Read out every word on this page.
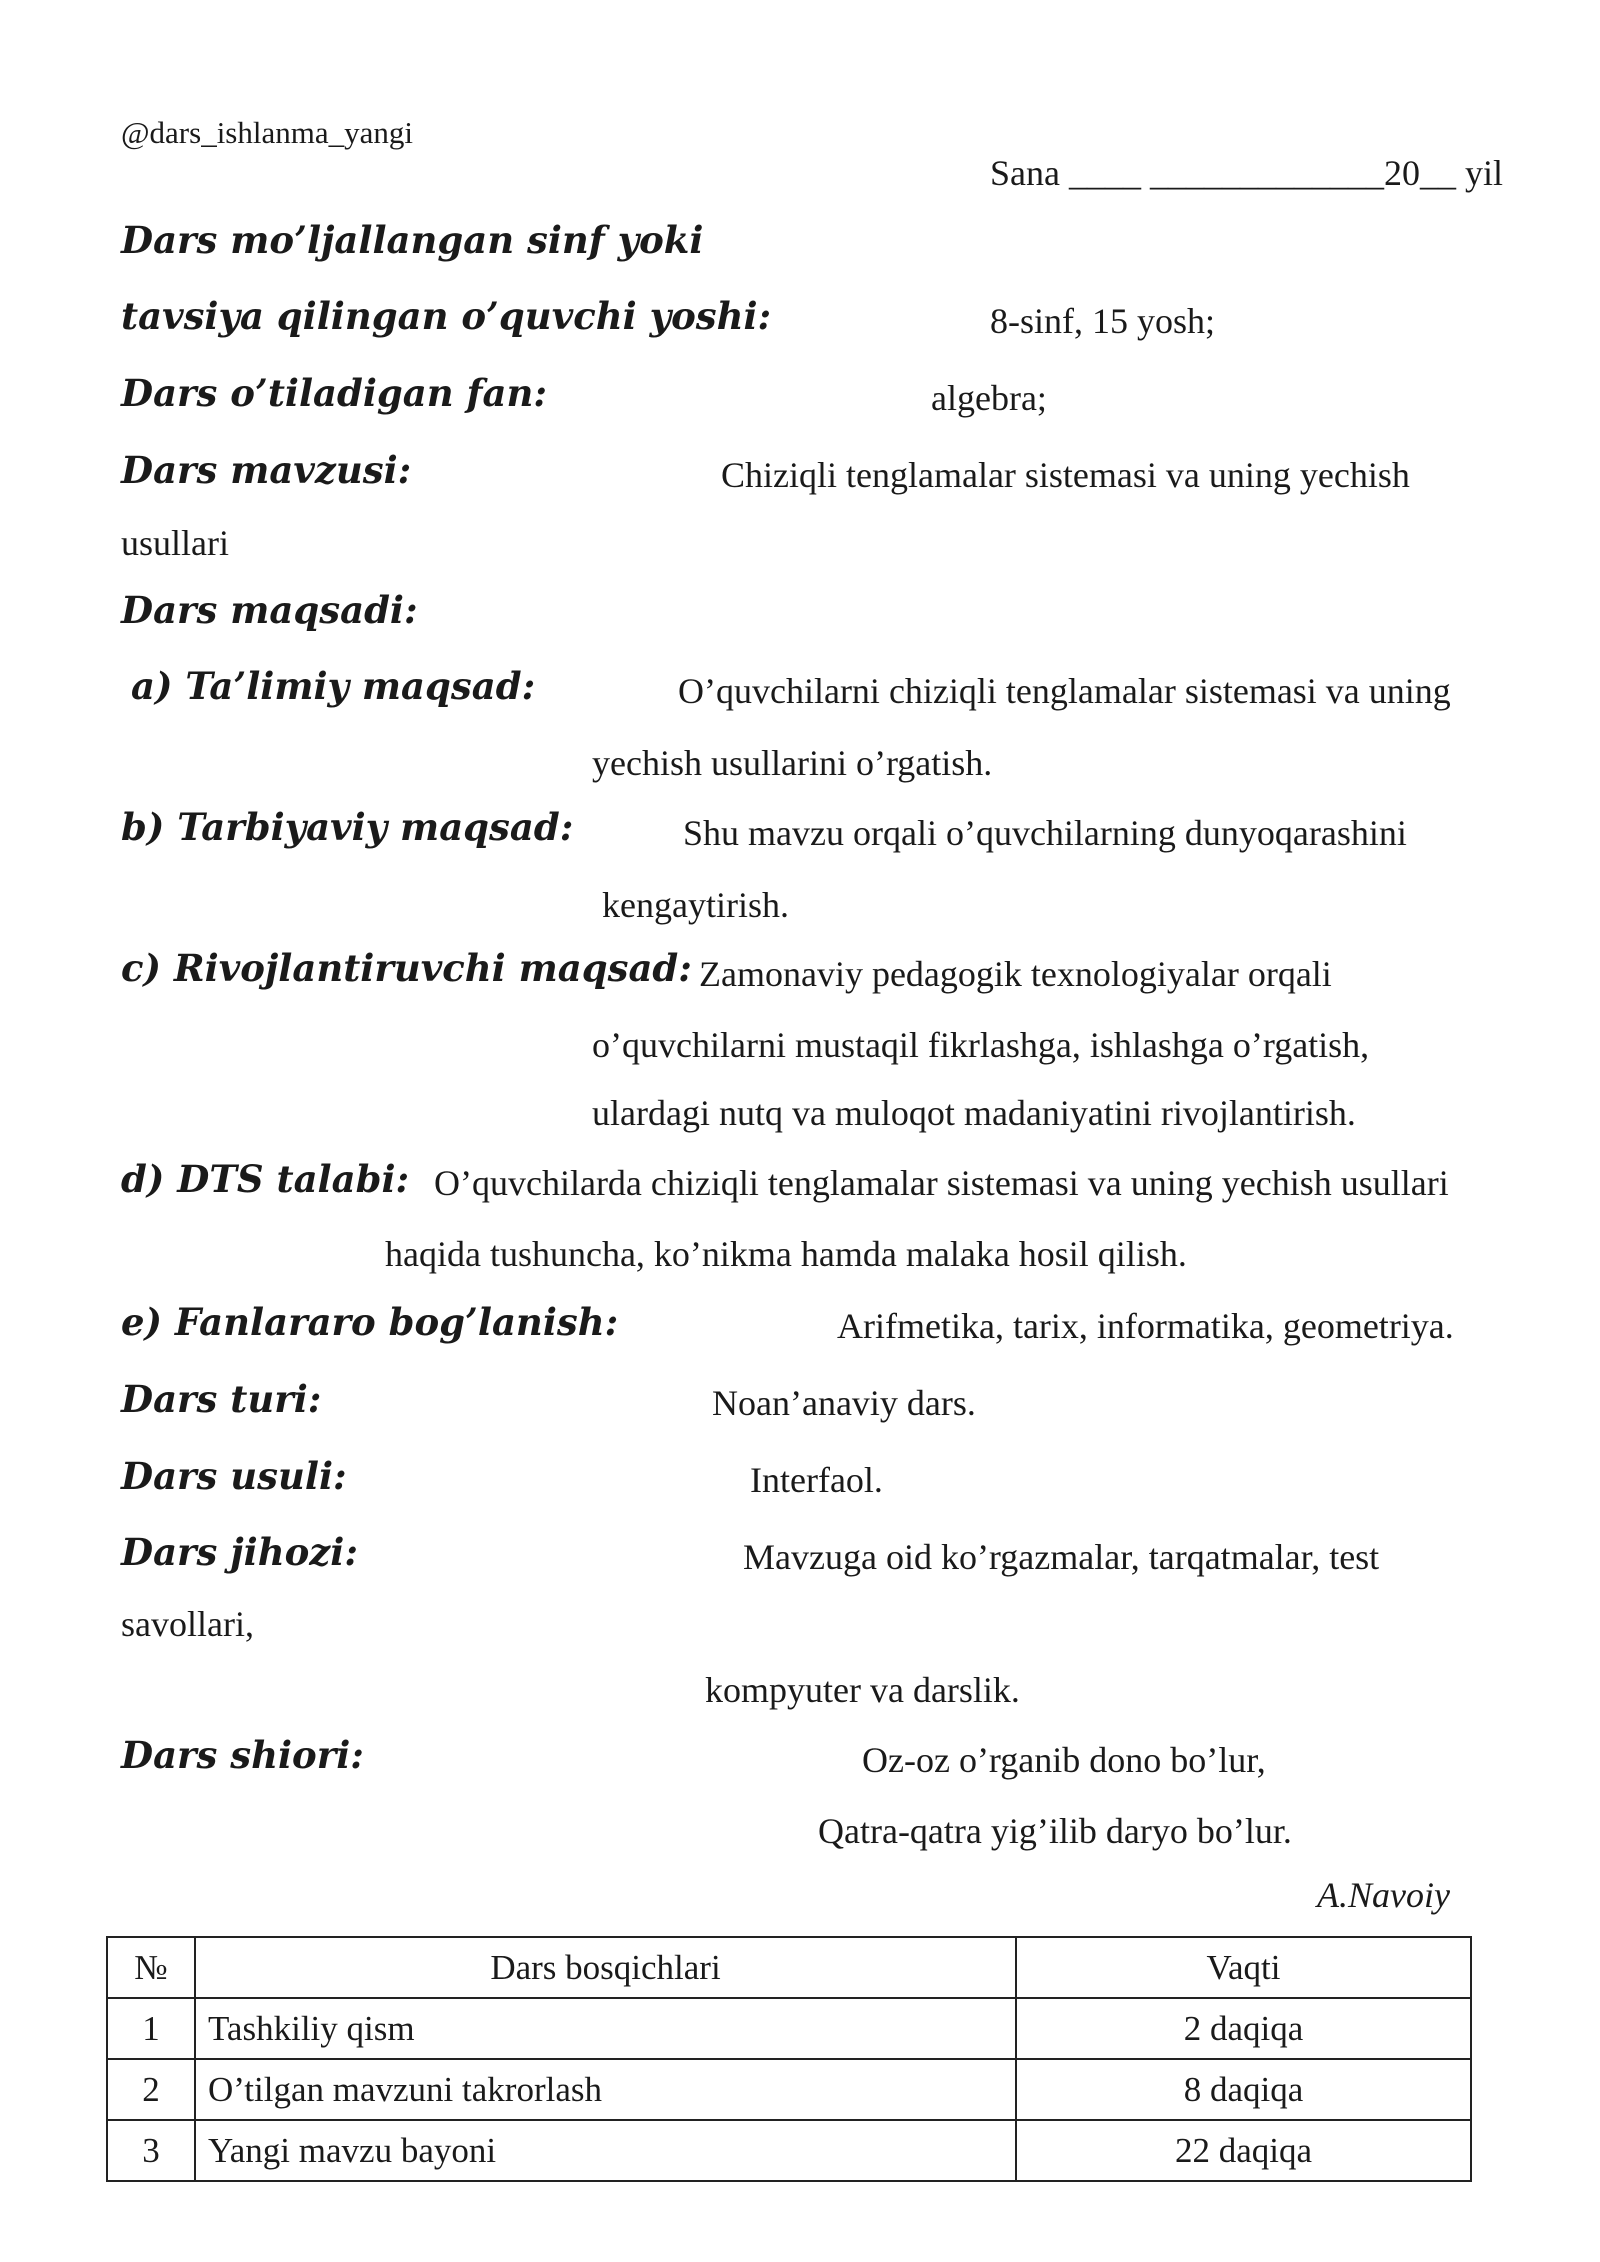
@dars_ishlanma_yangi
Sana ____ _____________20__ yil
Dars mo’ljallangan sinf yoki
tavsiya qilingan o’quvchi yoshi:	8-sinf, 15 yosh;
Dars o’tiladigan fan:	algebra;
Dars mavzusi:	Chiziqli tenglamalar sistemasi va uning yechish
usullari
Dars maqsadi:
a) Ta’limiy maqsad:	O’quvchilarni chiziqli tenglamalar sistemasi va uning
yechish usullarini o’rgatish.
b) Tarbiyaviy maqsad:	Shu mavzu orqali o’quvchilarning dunyoqarashini
kengaytirish.
c) Rivojlantiruvchi maqsad: Zamonaviy pedagogik texnologiyalar orqali
o’quvchilarni mustaqil fikrlashga, ishlashga o’rgatish,
ulardagi nutq va muloqot madaniyatini rivojlantirish.
d) DTS talabi: O’quvchilarda chiziqli tenglamalar sistemasi va uning yechish usullari
haqida tushuncha, ko’nikma hamda malaka hosil qilish.
e) Fanlararo bog’lanish:	Arifmetika, tarix, informatika, geometriya.
Dars turi:	Noan’anaviy dars.
Dars usuli:	Interfaol.
Dars jihozi:	Mavzuga oid ko’rgazmalar, tarqatmalar, test
savollari,
kompyuter va darslik.
Dars shiori:	Oz-oz o’rganib dono bo’lur,
Qatra-qatra yig’ilib daryo bo’lur.
A.Navoiy
№	Dars bosqichlari	Vaqti
1	Tashkiliy qism	2 daqiqa
2	O’tilgan mavzuni takrorlash	8 daqiqa
3	Yangi mavzu bayoni	22 daqiqa
